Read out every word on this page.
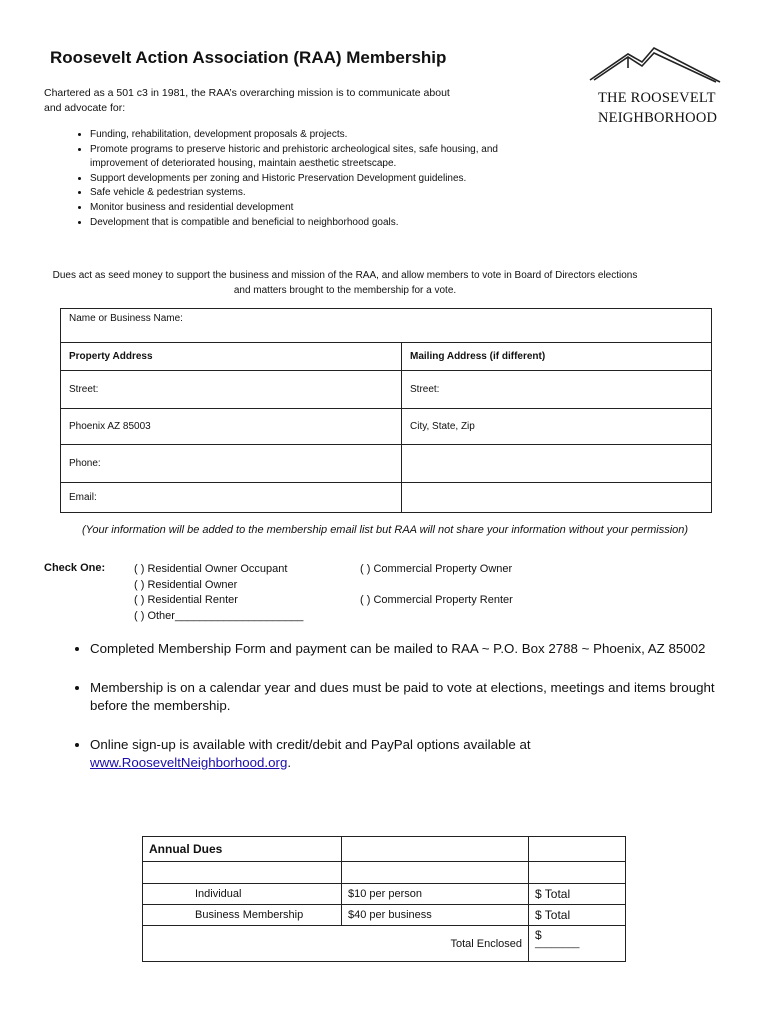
Roosevelt Action Association (RAA) Membership
Chartered as a 501 c3 in 1981, the RAA’s overarching mission is to communicate about and advocate for:
• Funding, rehabilitation, development proposals & projects.
• Promote programs to preserve historic and prehistoric archeological sites, safe housing, and improvement of deteriorated housing, maintain aesthetic streetscape.
• Support developments per zoning and Historic Preservation Development guidelines.
• Safe vehicle & pedestrian systems.
• Monitor business and residential development
• Development that is compatible and beneficial to neighborhood goals.
THE ROOSEVELT
NEIGHBORHOOD
Dues act as seed money to support the business and mission of the RAA, and allow members to vote in Board of Directors elections
and matters brought to the membership for a vote.
Name or Business Name:	
Property Address	Mailing Address (if different)
Street:	Street:
Phoenix AZ 85003	City, State, Zip
Phone:	
Email:	
(Your information will be added to the membership email list but RAA will not share your information without your permission)
Check One:	( ) Residential Owner Occupant
( ) Residential Owner
( ) Residential Renter
( ) Other_____________________
( ) Commercial Property Owner
( ) Commercial Property Renter
• Completed Membership Form and payment can be mailed to RAA ~ P.O. Box 2788 ~ Phoenix, AZ 85002
• Membership is on a calendar year and dues must be paid to vote at elections, meetings and items brought before the membership.
• Online sign-up is available with credit/debit and PayPal options available at www.RooseveltNeighborhood.org.
Annual Dues		

Individual	$10 per person	$ Total
Business Membership	$40 per business	$ Total
Total Enclosed		$
________
